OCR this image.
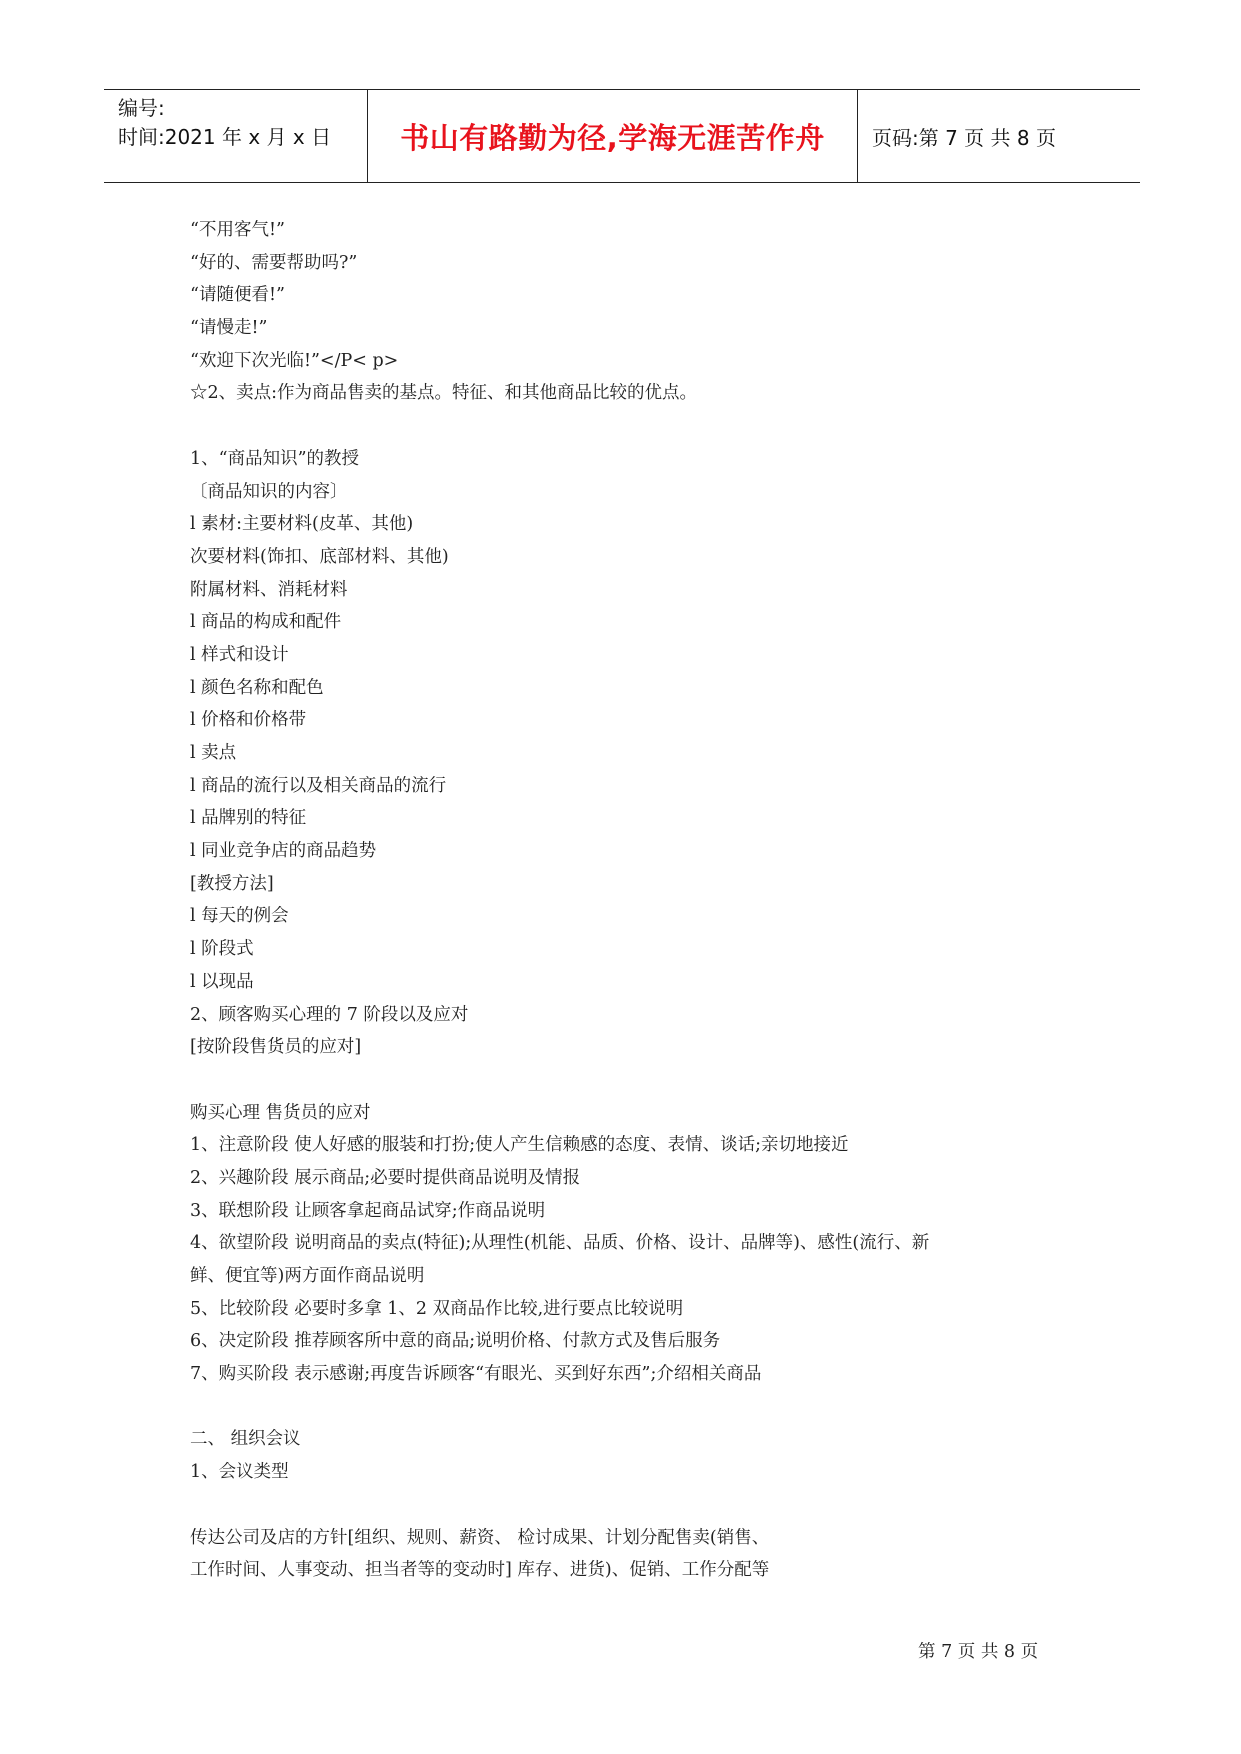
编号:
时间:2021 年 x 月 x 日	书山有路勤为径,学海无涯苦作舟	页码:第 7 页 共 8 页
“不用客气!”
“好的、需要帮助吗?”
“请随便看!”
“请慢走!”
“欢迎下次光临!”</P< p>
☆2、卖点:作为商品售卖的基点。特征、和其他商品比较的优点。
1、“商品知识”的教授
〔商品知识的内容〕
l 素材:主要材料(皮革、其他)
次要材料(饰扣、底部材料、其他)
附属材料、消耗材料
l 商品的构成和配件
l 样式和设计
l 颜色名称和配色
l 价格和价格带
l 卖点
l 商品的流行以及相关商品的流行
l 品牌别的特征
l 同业竞争店的商品趋势
[教授方法]
l 每天的例会
l 阶段式
l 以现品
2、顾客购买心理的 7 阶段以及应对
[按阶段售货员的应对]
购买心理 售货员的应对
1、注意阶段 使人好感的服装和打扮;使人产生信赖感的态度、表情、谈话;亲切地接近
2、兴趣阶段 展示商品;必要时提供商品说明及情报
3、联想阶段 让顾客拿起商品试穿;作商品说明
4、欲望阶段 说明商品的卖点(特征);从理性(机能、品质、价格、设计、品牌等)、感性(流行、新
鲜、便宜等)两方面作商品说明
5、比较阶段 必要时多拿 1、2 双商品作比较,进行要点比较说明
6、决定阶段 推荐顾客所中意的商品;说明价格、付款方式及售后服务
7、购买阶段 表示感谢;再度告诉顾客“有眼光、买到好东西”;介绍相关商品
二、 组织会议
1、会议类型
传达公司及店的方针[组织、规则、薪资、 检讨成果、计划分配售卖(销售、
工作时间、人事变动、担当者等的变动时] 库存、进货)、促销、工作分配等
第 7 页 共 8 页
